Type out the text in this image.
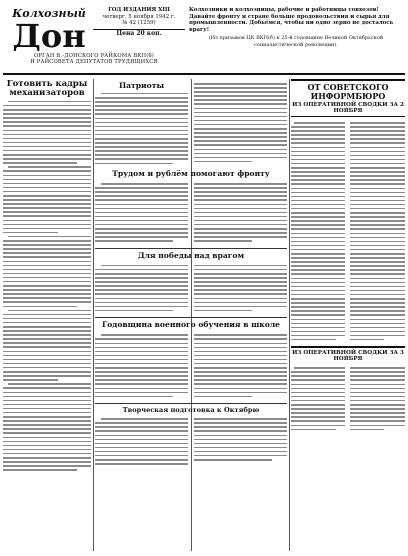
Колхозный
Дон
ОРГАН В.-ДОНСКОГО РАЙКОМА ВКП(б)
И РАЙСОВЕТА ДЕПУТАТОВ ТРУДЯЩИХСЯ
ГОД ИЗДАНИЯ XIII
четверг, 5 ноября 1942 г.
№ 42 (1259)
Цена 20 коп.
Колхозники и колхозницы, рабочие и работницы совхозов! Давайте фронту и стране больше продовольствия и сырья для промышленности. Добьёмся, чтобы ни одно зерно не досталось врагу!
(Из призывов ЦК ВКП(б) к 25-й годовщине Великой Октябрьской социалистической революции).
Готовить кадры механизаторов
Патриоты
Трудом и рублём помогают фронту
Для победы над врагом
Годовщина военного обучения в школе
Творческая подготовка к Октябрю
ОТ СОВЕТСКОГО ИНФОРМБЮРО
ИЗ ОПЕРАТИВНОЙ СВОДКИ ЗА 2 НОЯБРЯ
ИЗ ОПЕРАТИВНОЙ СВОДКИ ЗА 3 НОЯБРЯ
